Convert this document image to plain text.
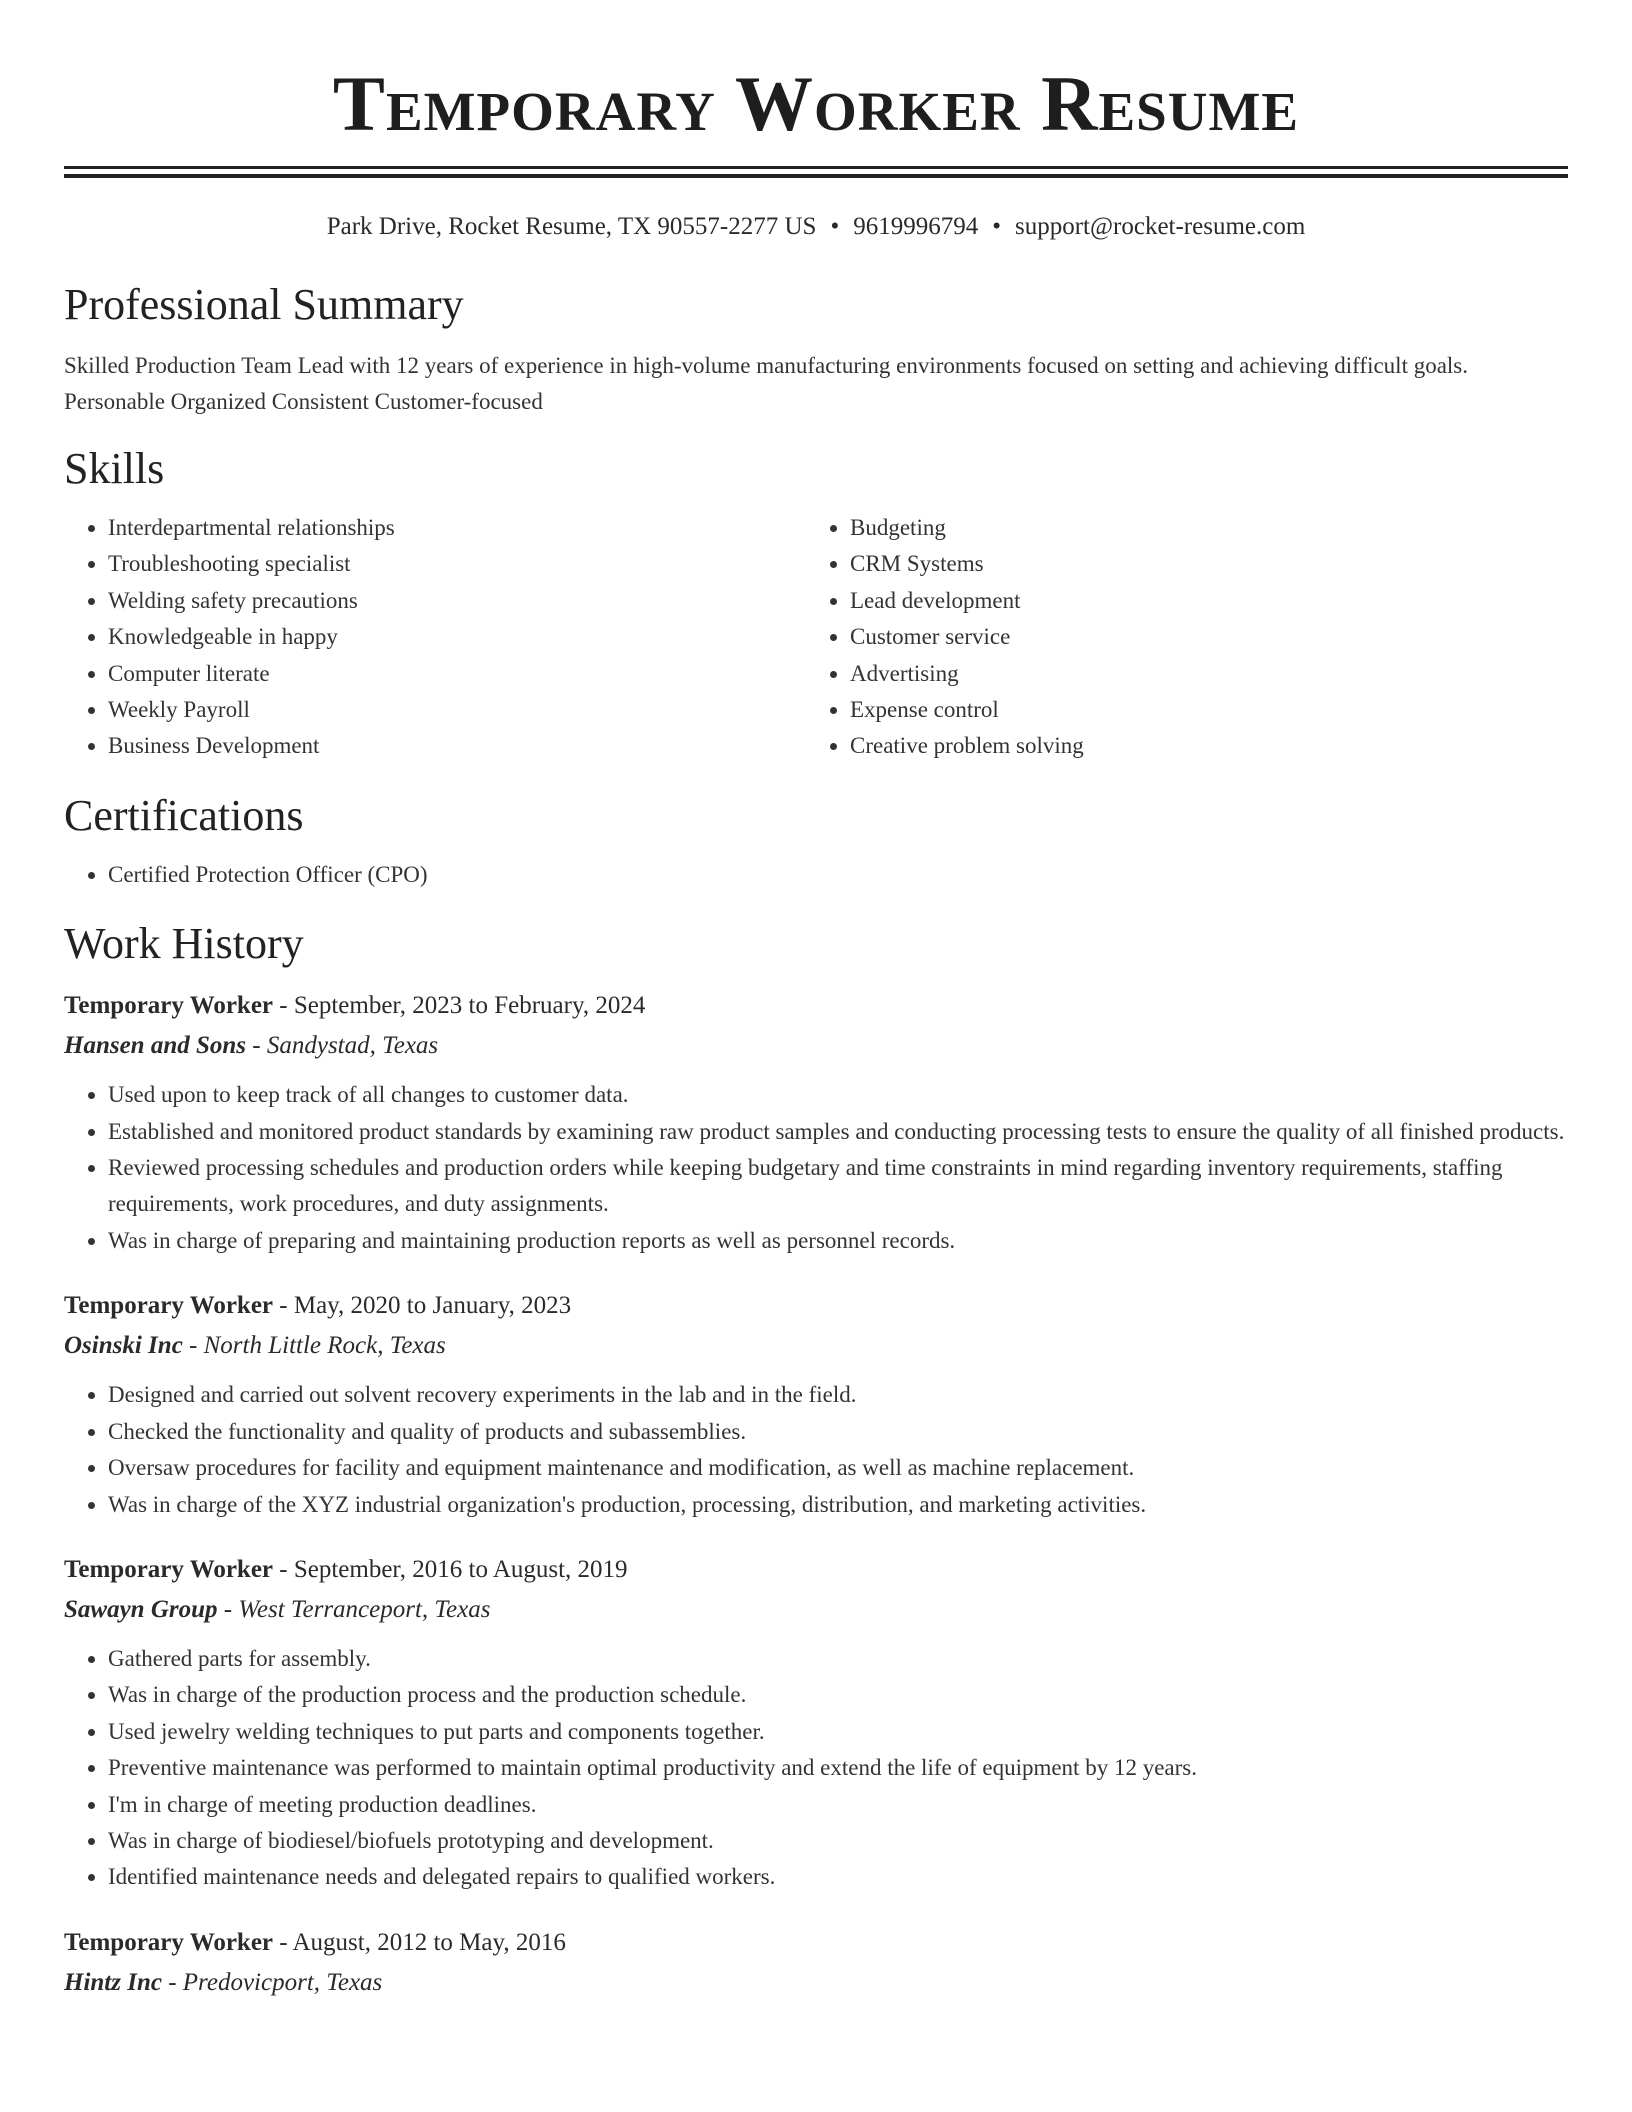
Temporary Worker Resume
Park Drive, Rocket Resume, TX 90557-2277 US • 9619996794 • support@rocket-resume.com
Professional Summary
Skilled Production Team Lead with 12 years of experience in high-volume manufacturing environments focused on setting and achieving difficult goals. Personable Organized Consistent Customer-focused
Skills
• Interdepartmental relationships
• Troubleshooting specialist
• Welding safety precautions
• Knowledgeable in happy
• Computer literate
• Weekly Payroll
• Business Development
• Budgeting
• CRM Systems
• Lead development
• Customer service
• Advertising
• Expense control
• Creative problem solving
Certifications
• Certified Protection Officer (CPO)
Work History
Temporary Worker - September, 2023 to February, 2024
Hansen and Sons - Sandystad, Texas
• Used upon to keep track of all changes to customer data.
• Established and monitored product standards by examining raw product samples and conducting processing tests to ensure the quality of all finished products.
• Reviewed processing schedules and production orders while keeping budgetary and time constraints in mind regarding inventory requirements, staffing requirements, work procedures, and duty assignments.
• Was in charge of preparing and maintaining production reports as well as personnel records.
Temporary Worker - May, 2020 to January, 2023
Osinski Inc - North Little Rock, Texas
• Designed and carried out solvent recovery experiments in the lab and in the field.
• Checked the functionality and quality of products and subassemblies.
• Oversaw procedures for facility and equipment maintenance and modification, as well as machine replacement.
• Was in charge of the XYZ industrial organization's production, processing, distribution, and marketing activities.
Temporary Worker - September, 2016 to August, 2019
Sawayn Group - West Terranceport, Texas
• Gathered parts for assembly.
• Was in charge of the production process and the production schedule.
• Used jewelry welding techniques to put parts and components together.
• Preventive maintenance was performed to maintain optimal productivity and extend the life of equipment by 12 years.
• I'm in charge of meeting production deadlines.
• Was in charge of biodiesel/biofuels prototyping and development.
• Identified maintenance needs and delegated repairs to qualified workers.
Temporary Worker - August, 2012 to May, 2016
Hintz Inc - Predovicport, Texas
